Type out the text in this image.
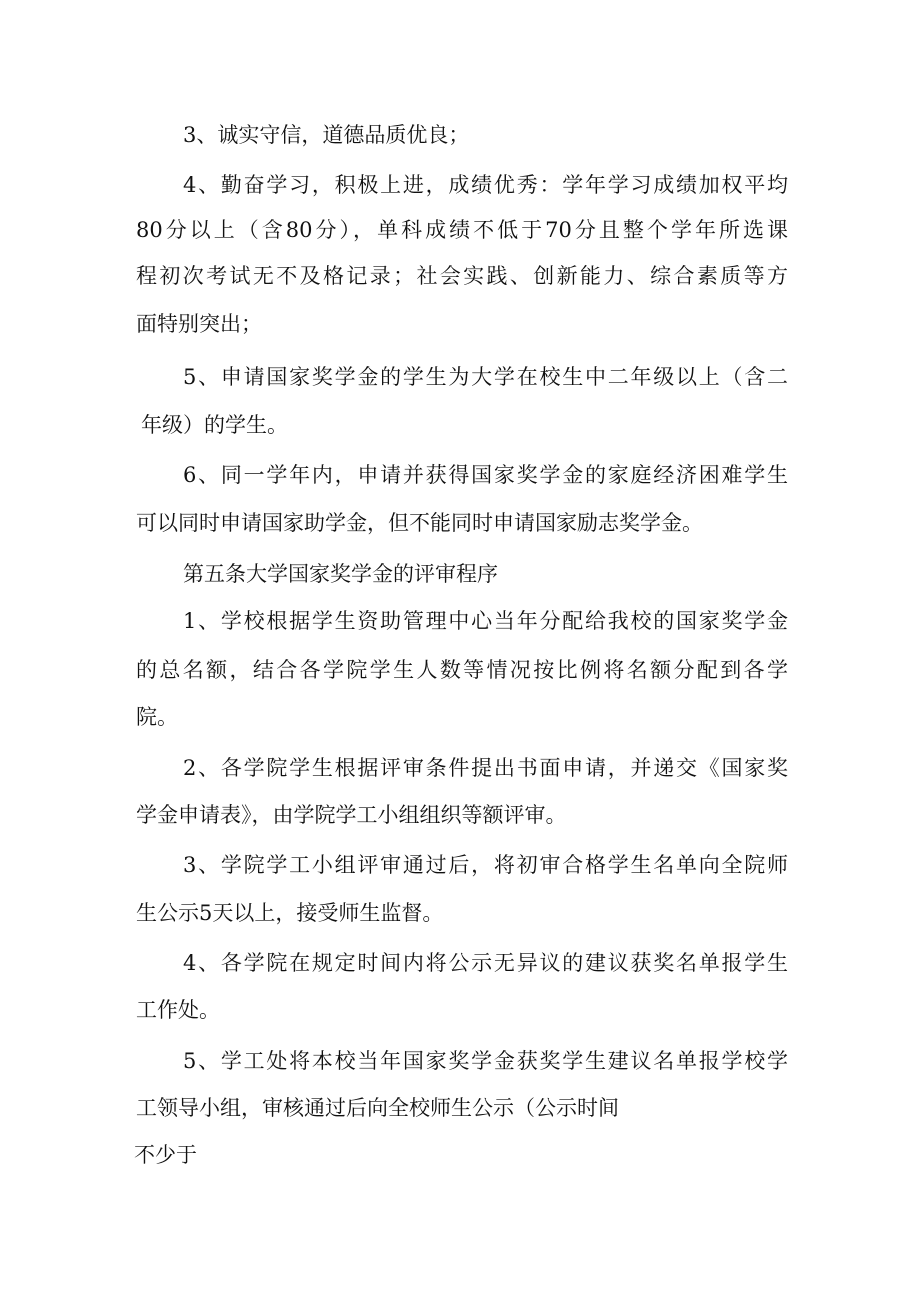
3、诚实守信，道德品质优良；
4、勤奋学习，积极上进，成绩优秀：学年学习成绩加权平均
80分以上（含80分），单科成绩不低于70分且整个学年所选课
程初次考试无不及格记录；社会实践、创新能力、综合素质等方
面特别突出；
5、申请国家奖学金的学生为大学在校生中二年级以上（含二
年级）的学生。
6、同一学年内，申请并获得国家奖学金的家庭经济困难学生
可以同时申请国家助学金，但不能同时申请国家励志奖学金。
第五条大学国家奖学金的评审程序
1、学校根据学生资助管理中心当年分配给我校的国家奖学金
的总名额，结合各学院学生人数等情况按比例将名额分配到各学
院。
2、各学院学生根据评审条件提出书面申请，并递交《国家奖
学金申请表》，由学院学工小组组织等额评审。
3、学院学工小组评审通过后，将初审合格学生名单向全院师
生公示5天以上，接受师生监督。
4、各学院在规定时间内将公示无异议的建议获奖名单报学生
工作处。
5、学工处将本校当年国家奖学金获奖学生建议名单报学校学
工领导小组，审核通过后向全校师生公示（公示时间
不少于
